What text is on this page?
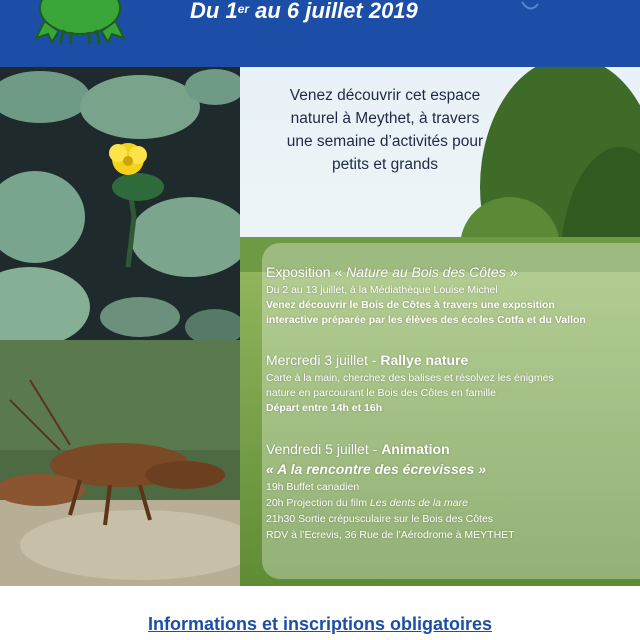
Du 1er au 6 juillet 2019
Venez découvrir cet espace
naturel à Meythet, à travers
une semaine d’activités pour
petits et grands
Exposition « Nature au Bois des Côtes »
Du 2 au 13 juillet, à la Médiathèque Louise Michel
Venez découvrir le Bois de Côtes à travers une exposition
interactive préparée par les élèves des écoles Cotfa et du Vallon
Mercredi 3 juillet - Rallye nature
Carte à la main, cherchez des balises et résolvez les énigmes
nature en parcourant le Bois des Côtes en famille
Départ entre 14h et 16h
Vendredi 5 juillet - Animation
« A la rencontre des écrevisses »
19h Buffet canadien
20h Projection du film Les dents de la mare
21h30 Sortie crépusculaire sur le Bois des Côtes
RDV à l’Ecrevis, 36 Rue de l’Aérodrome à MEYTHET
Informations et inscriptions obligatoires
